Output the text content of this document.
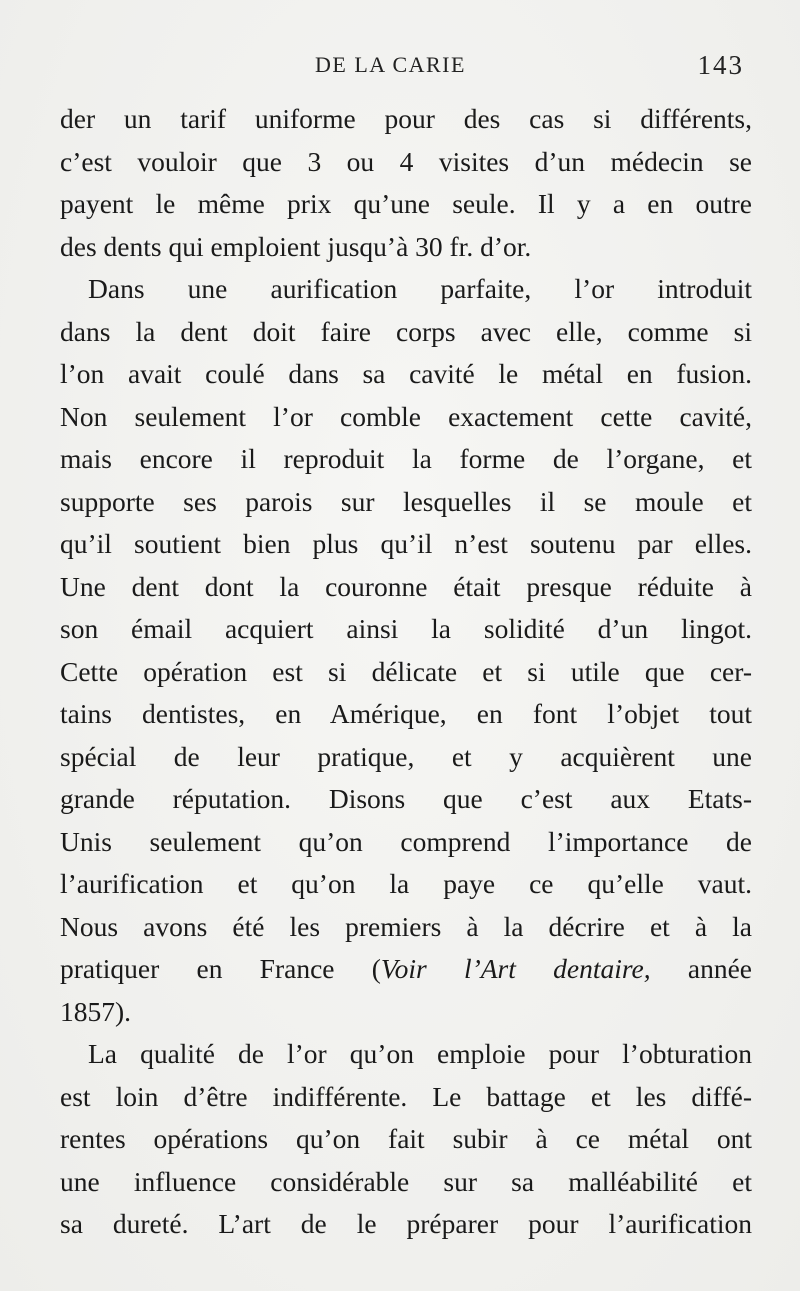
DE LA CARIE	143
der un tarif uniforme pour des cas si différents,
c’est vouloir que 3 ou 4 visites d’un médecin se
payent le même prix qu’une seule. Il y a en outre
des dents qui emploient jusqu’à 30 fr. d’or.
Dans une aurification parfaite, l’or introduit
dans la dent doit faire corps avec elle, comme si
l’on avait coulé dans sa cavité le métal en fusion.
Non seulement l’or comble exactement cette cavité,
mais encore il reproduit la forme de l’organe, et
supporte ses parois sur lesquelles il se moule et
qu’il soutient bien plus qu’il n’est soutenu par elles.
Une dent dont la couronne était presque réduite à
son émail acquiert ainsi la solidité d’un lingot.
Cette opération est si délicate et si utile que cer-
tains dentistes, en Amérique, en font l’objet tout
spécial de leur pratique, et y acquièrent une
grande réputation. Disons que c’est aux Etats-
Unis seulement qu’on comprend l’importance de
l’aurification et qu’on la paye ce qu’elle vaut.
Nous avons été les premiers à la décrire et à la
pratiquer en France (Voir l’Art dentaire, année
1857).
La qualité de l’or qu’on emploie pour l’obturation
est loin d’être indifférente. Le battage et les diffé-
rentes opérations qu’on fait subir à ce métal ont
une influence considérable sur sa malléabilité et
sa dureté. L’art de le préparer pour l’aurification
